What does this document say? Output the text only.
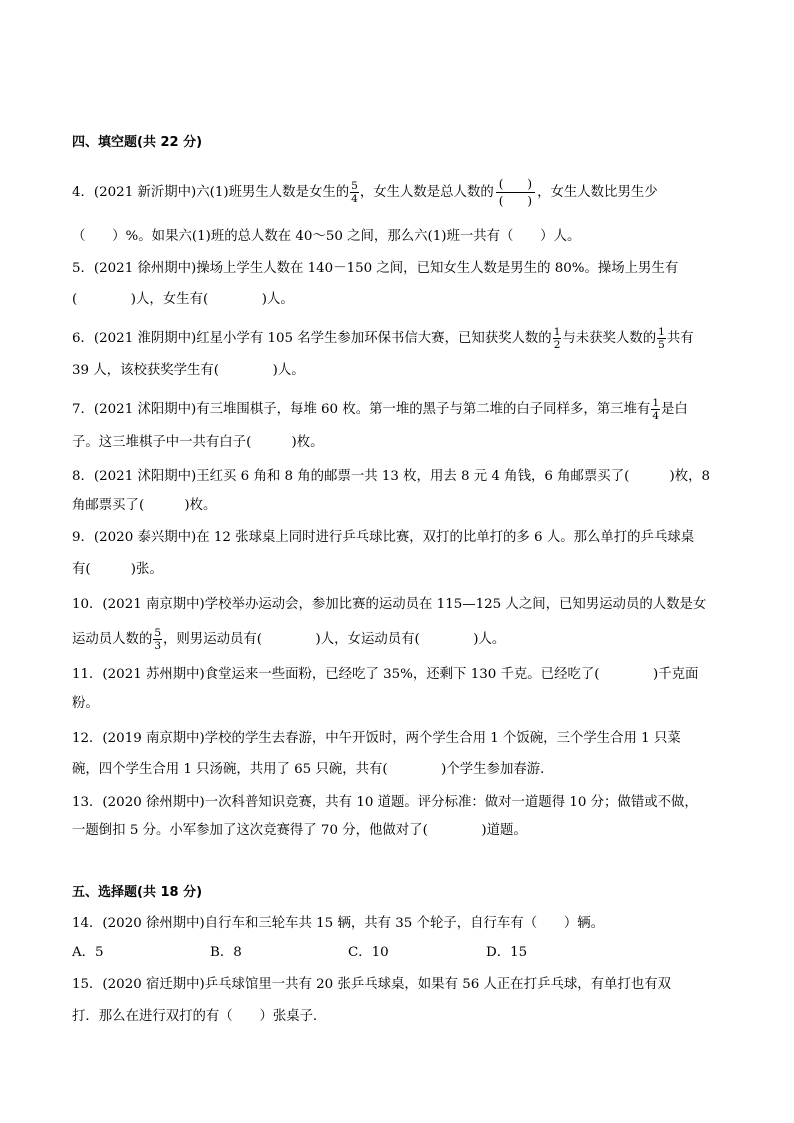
四、填空题(共 22 分)
4．(2021 新沂期中)六(1)班男生人数是女生的 $\frac{5}{4}$ ，女生人数是总人数的 $\frac{( )}{( )}$ ，女生人数比男生少
（　　）%。如果六(1)班的总人数在 40～50 之间，那么六(1)班一共有（　　）人。
5．(2021 徐州期中)操场上学生人数在 140－150 之间，已知女生人数是男生的 80%。操场上男生有
(　　　　)人，女生有(　　　　)人。
6．(2021 淮阴期中)红星小学有 105 名学生参加环保书信大赛，已知获奖人数的 $\frac{1}{2}$ 与未获奖人数的 $\frac{1}{5}$ 共有
39 人，该校获奖学生有(　　　　)人。
7．(2021 沭阳期中)有三堆围棋子，每堆 60 枚。第一堆的黑子与第二堆的白子同样多，第三堆有 $\frac{1}{4}$ 是白
子。这三堆棋子中一共有白子(　　　)枚。
8．(2021 沭阳期中)王红买 6 角和 8 角的邮票一共 13 枚，用去 8 元 4 角钱，6 角邮票买了(　　　)枚，8
角邮票买了(　　　)枚。
9．(2020 泰兴期中)在 12 张球桌上同时进行乒乓球比赛，双打的比单打的多 6 人。那么单打的乒乓球桌
有(　　　)张。
10．(2021 南京期中)学校举办运动会，参加比赛的运动员在 115—125 人之间，已知男运动员的人数是女
运动员人数的 $\frac{5}{3}$ ，则男运动员有(　　　　)人，女运动员有(　　　　)人。
11．(2021 苏州期中)食堂运来一些面粉，已经吃了 35%，还剩下 130 千克。已经吃了(　　　　)千克面
粉。
12．(2019 南京期中)学校的学生去春游，中午开饭时，两个学生合用 1 个饭碗，三个学生合用 1 只菜
碗，四个学生合用 1 只汤碗，共用了 65 只碗，共有(　　　　)个学生参加春游．
13．(2020 徐州期中)一次科普知识竞赛，共有 10 道题。评分标准：做对一道题得 10 分；做错或不做，
一题倒扣 5 分。小军参加了这次竞赛得了 70 分，他做对了(　　　　)道题。
五、选择题(共 18 分)
14．(2020 徐州期中)自行车和三轮车共 15 辆，共有 35 个轮子，自行车有（　　）辆。
A．5	B．8	C．10	D．15
15．(2020 宿迁期中)乒乓球馆里一共有 20 张乒乓球桌，如果有 56 人正在打乒乓球，有单打也有双
打．那么在进行双打的有（　　）张桌子．
